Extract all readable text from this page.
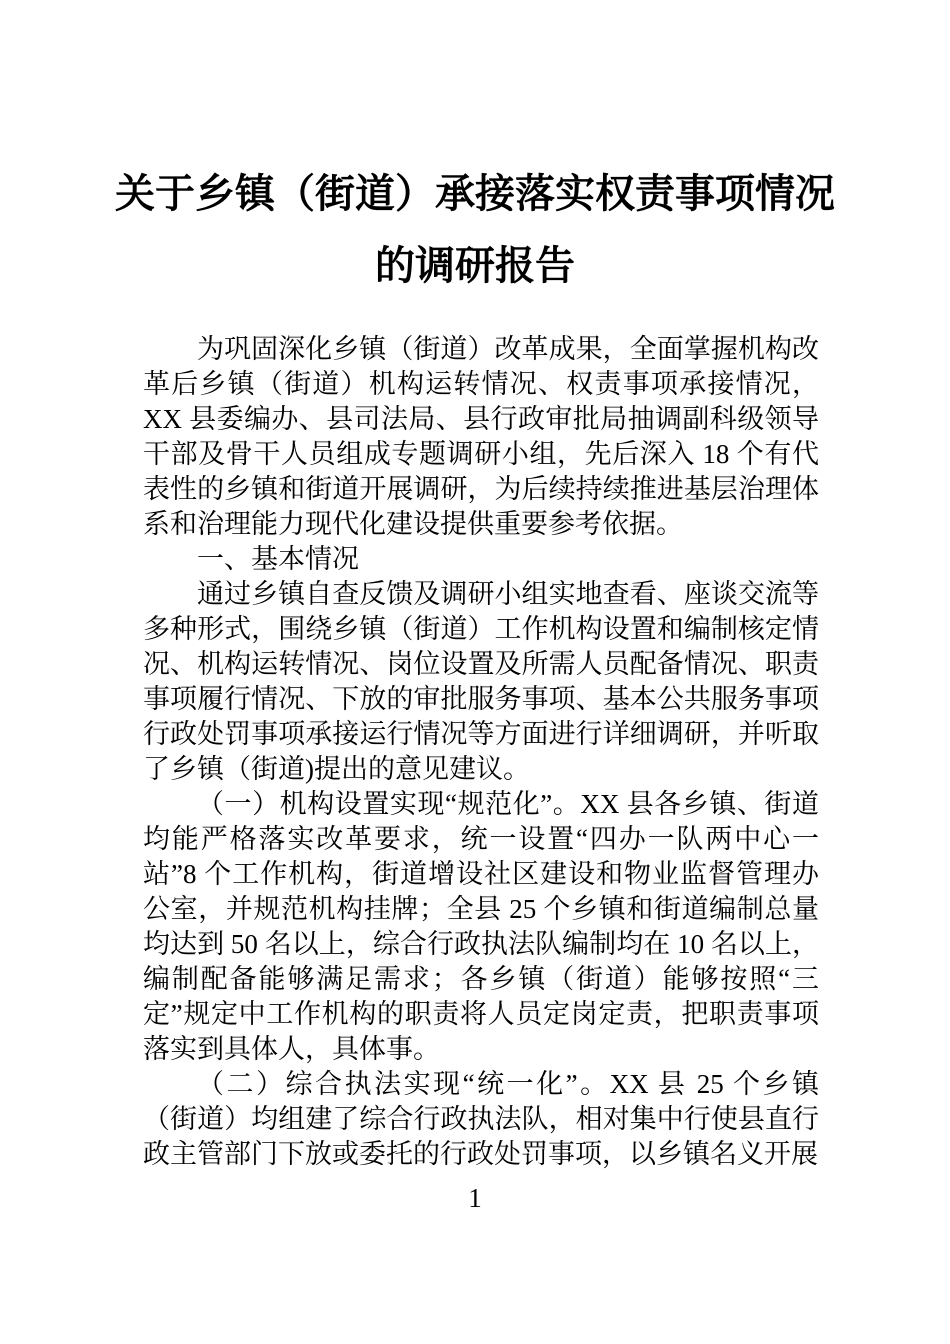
关于乡镇（街道）承接落实权责事项情况
的调研报告

为巩固深化乡镇（街道）改革成果，全面掌握机构改革后乡镇（街道）机构运转情况、权责事项承接情况，XX 县委编办、县司法局、县行政审批局抽调副科级领导干部及骨干人员组成专题调研小组，先后深入 18 个有代表性的乡镇和街道开展调研，为后续持续推进基层治理体系和治理能力现代化建设提供重要参考依据。

一、基本情况

通过乡镇自查反馈及调研小组实地查看、座谈交流等多种形式，围绕乡镇（街道）工作机构设置和编制核定情况、机构运转情况、岗位设置及所需人员配备情况、职责事项履行情况、下放的审批服务事项、基本公共服务事项行政处罚事项承接运行情况等方面进行详细调研，并听取了乡镇（街道)提出的意见建议。

（一）机构设置实现“规范化”。XX 县各乡镇、街道均能严格落实改革要求，统一设置“四办一队两中心一站”8 个工作机构，街道增设社区建设和物业监督管理办公室，并规范机构挂牌；全县 25 个乡镇和街道编制总量均达到 50 名以上，综合行政执法队编制均在 10 名以上，编制配备能够满足需求；各乡镇（街道）能够按照“三定”规定中工作机构的职责将人员定岗定责，把职责事项落实到具体人，具体事。

（二）综合执法实现“统一化”。XX 县 25 个乡镇（街道）均组建了综合行政执法队，相对集中行使县直行政主管部门下放或委托的行政处罚事项，以乡镇名义开展

1
